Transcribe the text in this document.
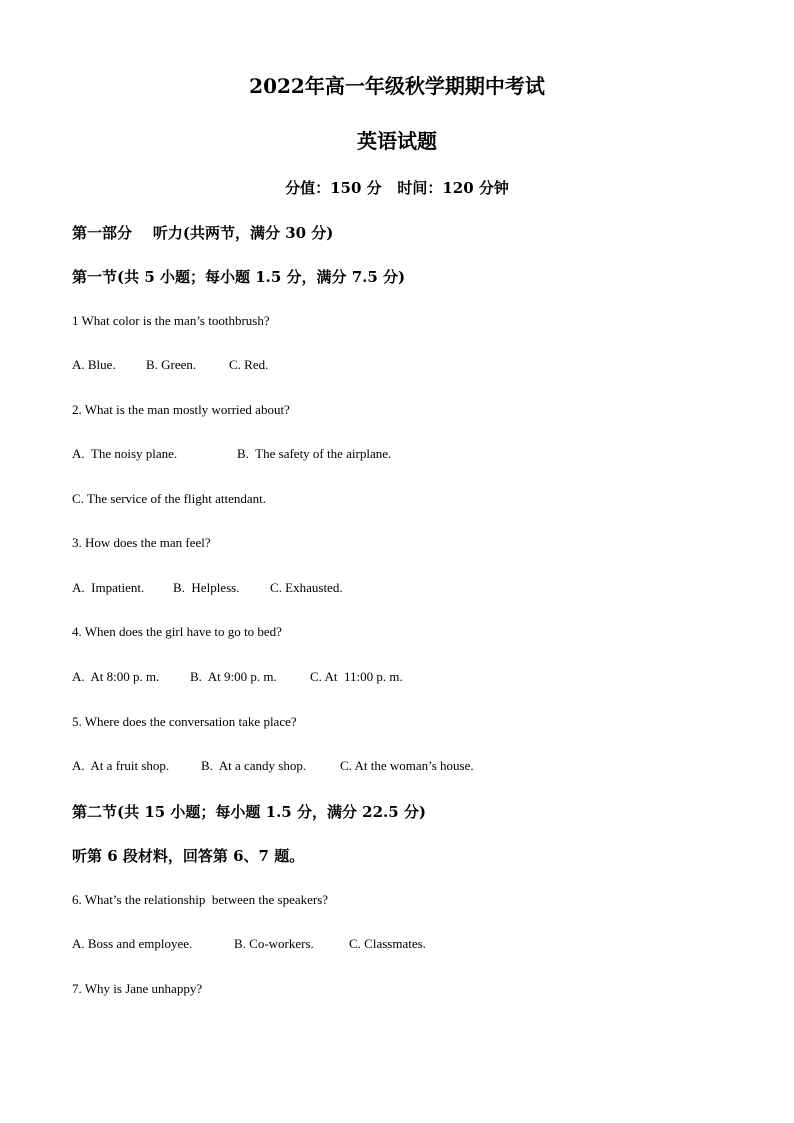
2022年高一年级秋学期期中考试
英语试题
分值：150 分   时间：120 分钟
第一部分    听力(共两节，满分 30 分)
第一节(共 5 小题；每小题 1.5 分，满分 7.5 分)
1 What color is the man’s toothbrush?
A. Blue. B. Green.	C. Red.
2. What is the man mostly worried about?
A.  The noisy plane.	B.  The safety of the airplane.
C. The service of the flight attendant.
3. How does the man feel?
A.  Impatient. B.  Helpless. C. Exhausted.
4. When does the girl have to go to bed?
A.  At 8:00 p. m. B.  At 9:00 p. m.	C. At  11:00 p. m.
5. Where does the conversation take place?
A.  At a fruit shop. B.  At a candy shop.	C. At the woman’s house.
第二节(共 15 小题；每小题 1.5 分，满分 22.5 分)
听第 6 段材料，回答第 6、7 题。
6. What’s the relationship  between the speakers?
A. Boss and employee.	B. Co-workers.	C. Classmates.
7. Why is Jane unhappy?
